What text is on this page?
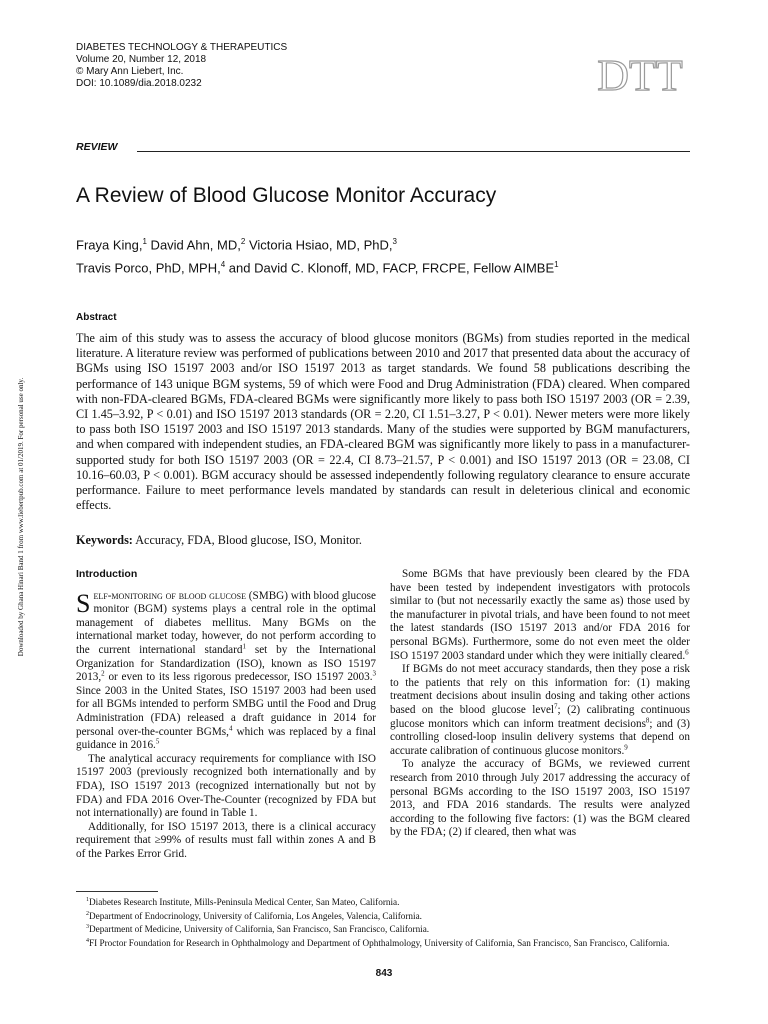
DIABETES TECHNOLOGY & THERAPEUTICS
Volume 20, Number 12, 2018
© Mary Ann Liebert, Inc.
DOI: 10.1089/dia.2018.0232	DTT
REVIEW
A Review of Blood Glucose Monitor Accuracy
Fraya King,$^1$ David Ahn, MD,$^2$ Victoria Hsiao, MD, PhD,$^3$
Travis Porco, PhD, MPH,$^4$ and David C. Klonoff, MD, FACP, FRCPE, Fellow AIMBE$^1$
Abstract

The aim of this study was to assess the accuracy of blood glucose monitors (BGMs) from studies reported in the medical literature. A literature review was performed of publications between 2010 and 2017 that presented data about the accuracy of BGMs using ISO 15197 2003 and/or ISO 15197 2013 as target standards. We found 58 publications describing the performance of 143 unique BGM systems, 59 of which were Food and Drug Administration (FDA) cleared. When compared with non-FDA-cleared BGMs, FDA-cleared BGMs were significantly more likely to pass both ISO 15197 2003 (OR = 2.39, CI 1.45–3.92, P < 0.01) and ISO 15197 2013 standards (OR = 2.20, CI 1.51–3.27, P < 0.01). Newer meters were more likely to pass both ISO 15197 2003 and ISO 15197 2013 standards. Many of the studies were supported by BGM manufacturers, and when compared with independent studies, an FDA-cleared BGM was significantly more likely to pass in a manufacturer-supported study for both ISO 15197 2003 (OR = 22.4, CI 8.73–21.57, P < 0.001) and ISO 15197 2013 (OR = 23.08, CI 10.16–60.03, P < 0.001). BGM accuracy should be assessed independently following regulatory clearance to ensure accurate performance. Failure to meet performance levels mandated by standards can result in deleterious clinical and economic effects.

Keywords: Accuracy, FDA, Blood glucose, ISO, Monitor.
Downloaded by Ghana Hinari Band 1 from www.liebertpub.com at 01/2019. For personal use only.	Introduction

Self-monitoring of blood glucose (SMBG) with blood glucose monitor (BGM) systems plays a central role in the optimal management of diabetes mellitus. Many BGMs on the international market today, however, do not perform according to the current international standard$^1$ set by the International Organization for Standardization (ISO), known as ISO 15197 2013,$^2$ or even to its less rigorous predecessor, ISO 15197 2003.$^3$ Since 2003 in the United States, ISO 15197 2003 had been used for all BGMs intended to perform SMBG until the Food and Drug Administration (FDA) released a draft guidance in 2014 for personal over-the-counter BGMs,$^4$ which was replaced by a final guidance in 2016.$^5$

The analytical accuracy requirements for compliance with ISO 15197 2003 (previously recognized both internationally and by FDA), ISO 15197 2013 (recognized internationally but not by FDA) and FDA 2016 Over-The-Counter (recognized by FDA but not internationally) are found in Table 1.

Additionally, for ISO 15197 2013, there is a clinical accuracy requirement that ≥99% of results must fall within zones A and B of the Parkes Error Grid.

Some BGMs that have previously been cleared by the FDA have been tested by independent investigators with protocols similar to (but not necessarily exactly the same as) those used by the manufacturer in pivotal trials, and have been found to not meet the latest standards (ISO 15197 2013 and/or FDA 2016 for personal BGMs). Furthermore, some do not even meet the older ISO 15197 2003 standard under which they were initially cleared.$^6$

If BGMs do not meet accuracy standards, then they pose a risk to the patients that rely on this information for: (1) making treatment decisions about insulin dosing and taking other actions based on the blood glucose level$^7$; (2) calibrating continuous glucose monitors which can inform treatment decisions$^8$; and (3) controlling closed-loop insulin delivery systems that depend on accurate calibration of continuous glucose monitors.$^9$

To analyze the accuracy of BGMs, we reviewed current research from 2010 through July 2017 addressing the accuracy of personal BGMs according to the ISO 15197 2003, ISO 15197 2013, and FDA 2016 standards. The results were analyzed according to the following five factors: (1) was the BGM cleared by the FDA; (2) if cleared, then what was

$^1$Diabetes Research Institute, Mills-Peninsula Medical Center, San Mateo, California.
$^2$Department of Endocrinology, University of California, Los Angeles, Valencia, California.
$^3$Department of Medicine, University of California, San Francisco, San Francisco, California.
$^4$FI Proctor Foundation for Research in Ophthalmology and Department of Ophthalmology, University of California, San Francisco, San Francisco, California.
843
